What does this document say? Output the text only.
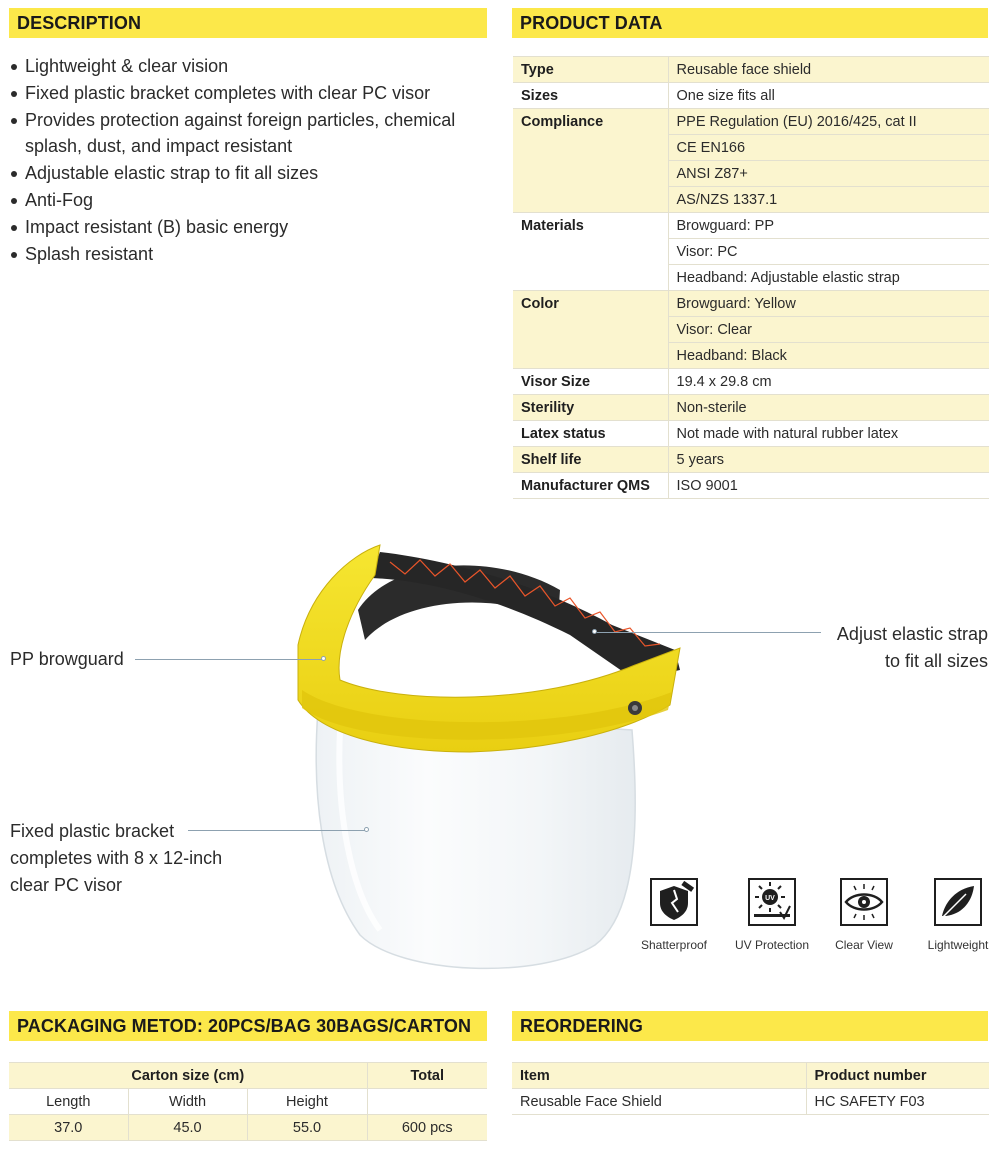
DESCRIPTION
Lightweight & clear vision
Fixed plastic bracket completes with clear PC visor
Provides protection against foreign particles, chemical splash, dust, and impact resistant
Adjustable elastic strap to fit all sizes
Anti-Fog
Impact resistant (B) basic energy
Splash resistant
PRODUCT DATA
Type	Reusable face shield
Sizes	One size fits all
Compliance	PPE Regulation (EU) 2016/425, cat II
	CE EN166
	ANSI Z87+
	AS/NZS 1337.1
Materials	Browguard: PP
	Visor: PC
	Headband: Adjustable elastic strap
Color	Browguard: Yellow
	Visor: Clear
	Headband: Black
Visor Size	19.4 x 29.8 cm
Sterility	Non-sterile
Latex status	Not made with natural rubber latex
Shelf life	5 years
Manufacturer QMS	ISO 9001
PP browguard
Adjust elastic strap
to fit all sizes
Fixed plastic bracket
completes with 8 x 12-inch
clear PC visor
Shatterproof
UV
UV Protection	Clear View	Lightweight
PACKAGING METOD: 20PCS/BAG 30BAGS/CARTON
Carton size (cm)			Total
Length	Width	Height	
37.0	45.0	55.0	600 pcs
REORDERING
Item	Product number
Reusable Face Shield	HC SAFETY F03
